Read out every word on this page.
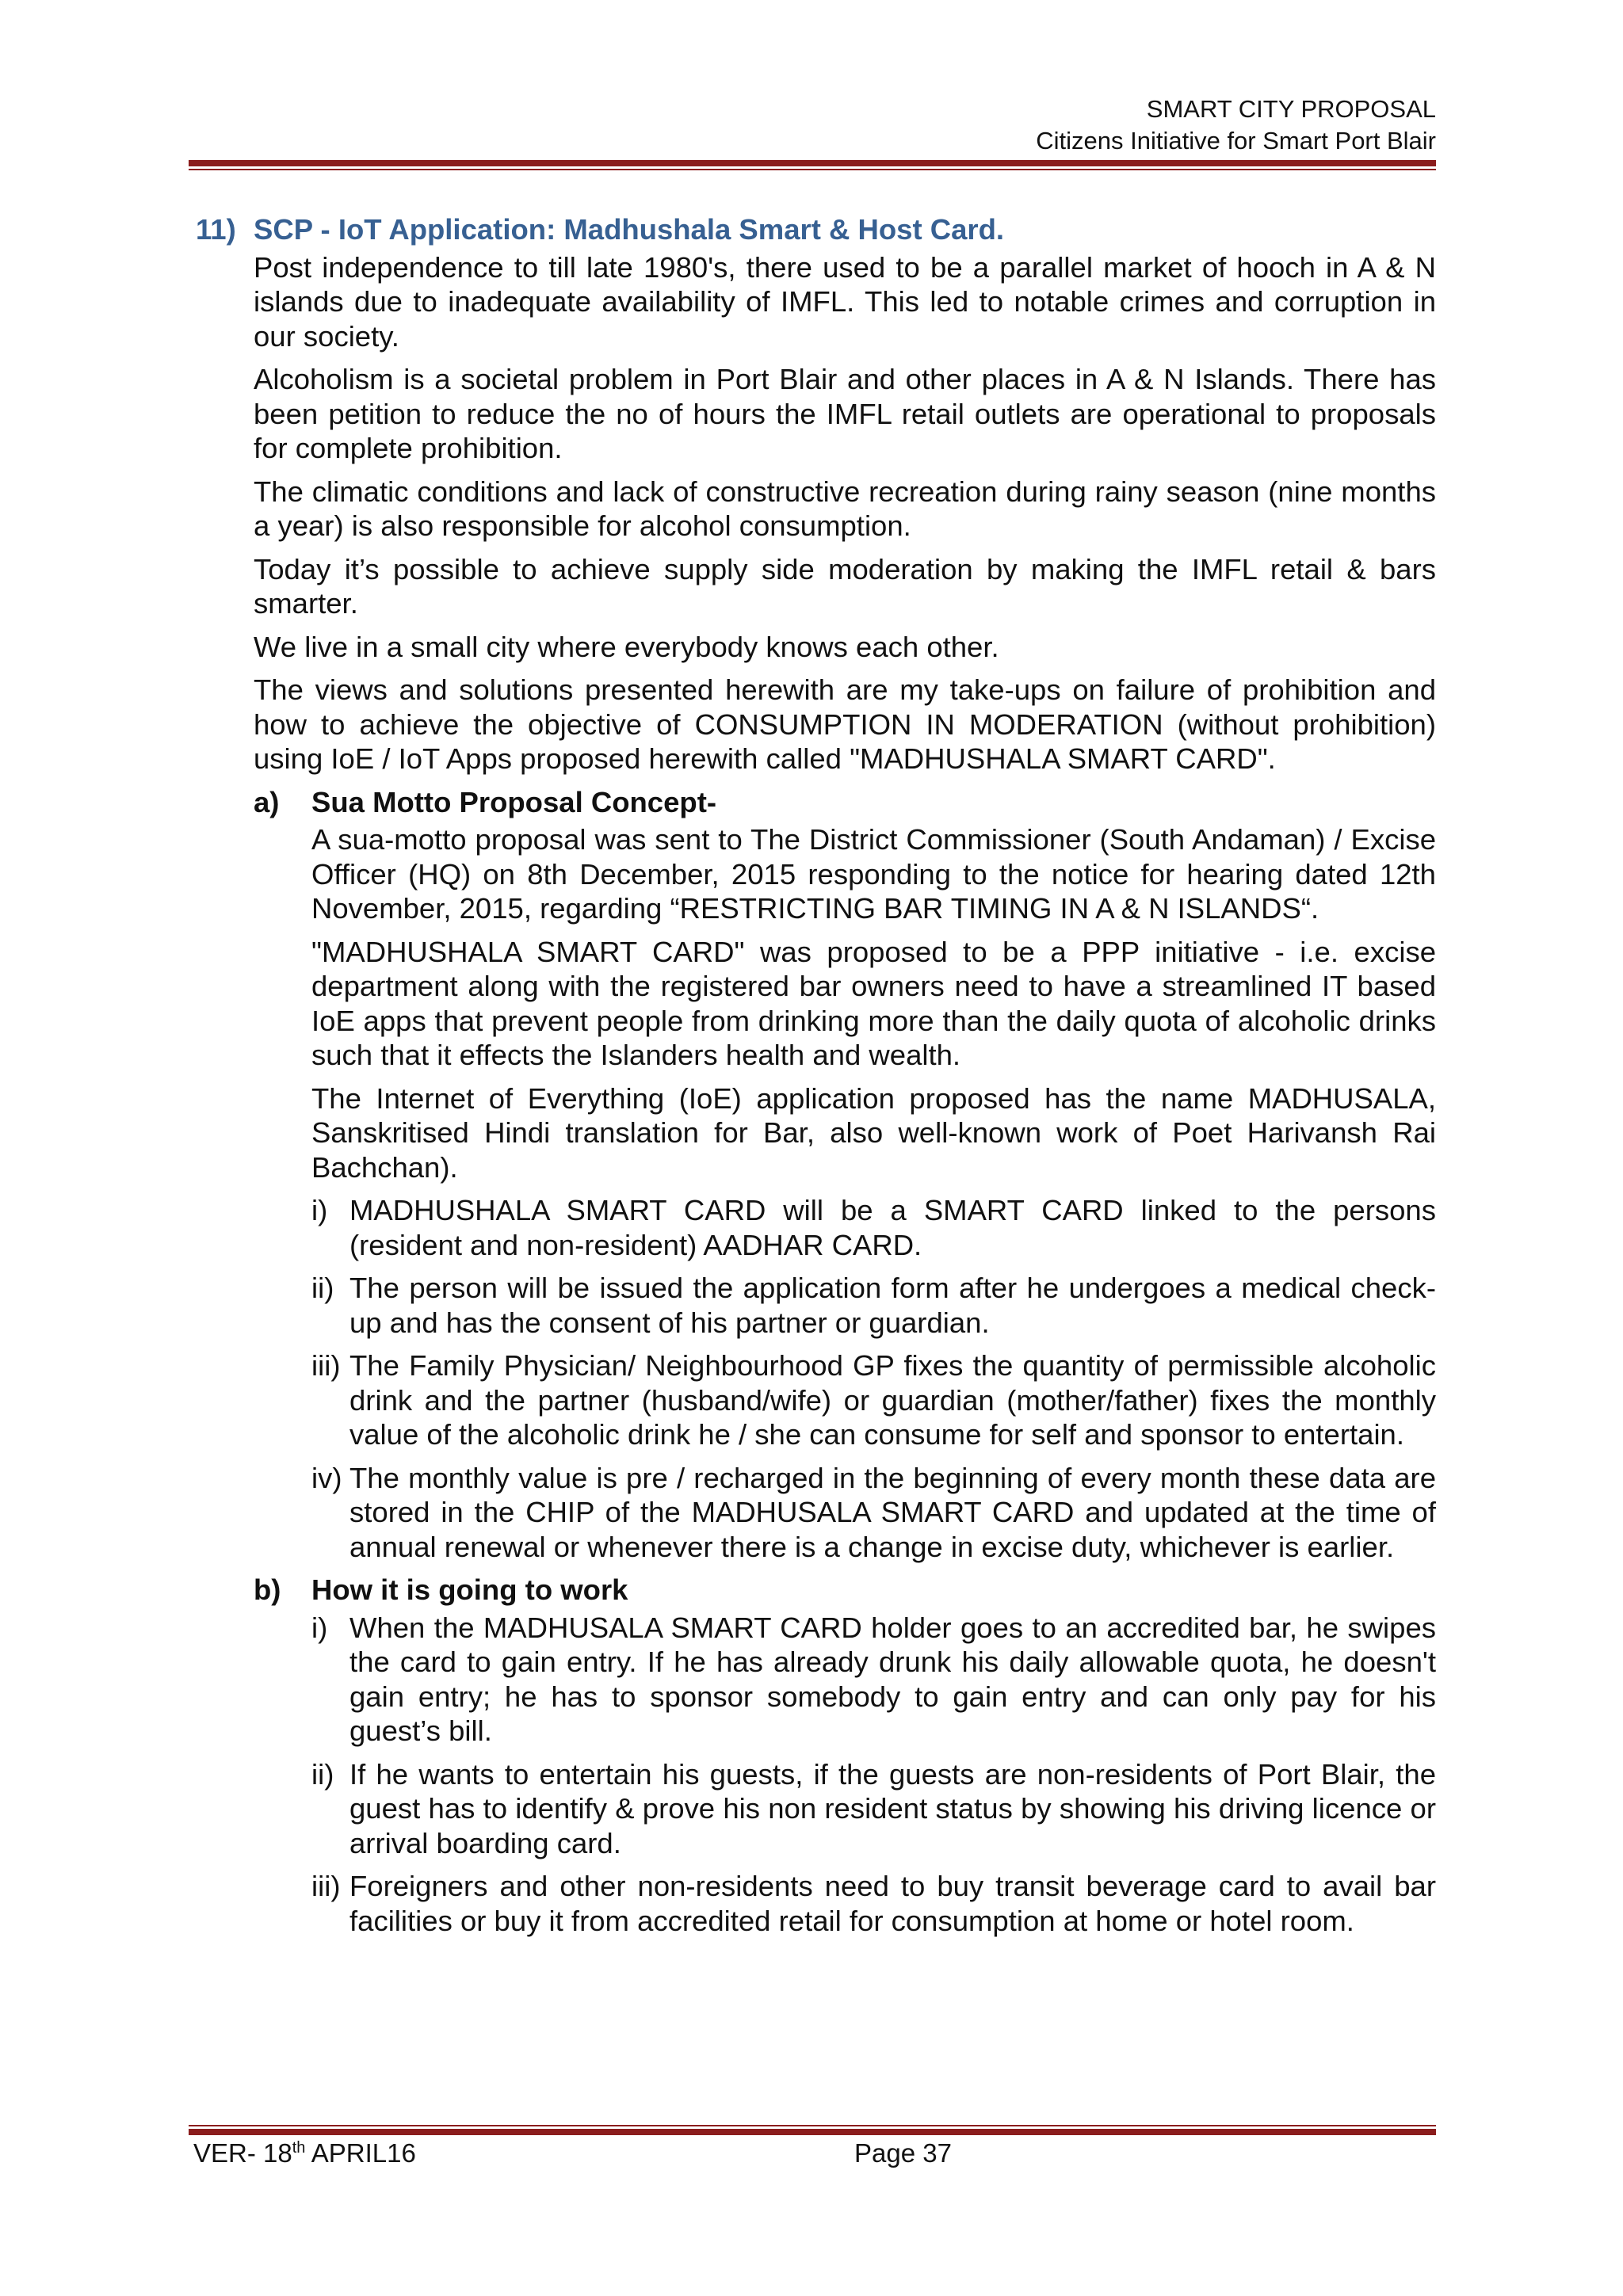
SMART CITY PROPOSAL
Citizens Initiative for Smart Port Blair
11) SCP - IoT Application: Madhushala Smart & Host Card.

Post independence to till late 1980's, there used to be a parallel market of hooch in A & N islands due to inadequate availability of IMFL. This led to notable crimes and corruption in our society.

Alcoholism is a societal problem in Port Blair and other places in A & N Islands. There has been petition to reduce the no of hours the IMFL retail outlets are operational to proposals for complete prohibition.

The climatic conditions and lack of constructive recreation during rainy season (nine months a year) is also responsible for alcohol consumption.

Today it’s possible to achieve supply side moderation by making the IMFL retail & bars smarter.

We live in a small city where everybody knows each other.

The views and solutions presented herewith are my take-ups on failure of prohibition and how to achieve the objective of CONSUMPTION IN MODERATION (without prohibition) using IoE / IoT Apps proposed herewith called "MADHUSHALA SMART CARD".

a)	Sua Motto Proposal Concept-

A sua-motto proposal was sent to The District Commissioner (South Andaman) / Excise Officer (HQ) on 8th December, 2015 responding to the notice for hearing dated 12th November, 2015, regarding “RESTRICTING BAR TIMING IN A & N ISLANDS“.

"MADHUSHALA SMART CARD" was proposed to be a PPP initiative - i.e. excise department along with the registered bar owners need to have a streamlined IT based IoE apps that prevent people from drinking more than the daily quota of alcoholic drinks such that it effects the Islanders health and wealth.

The Internet of Everything (IoE) application proposed has the name MADHUSALA, Sanskritised Hindi translation for Bar, also well-known work of Poet Harivansh Rai Bachchan).

i) MADHUSHALA SMART CARD will be a SMART CARD linked to the persons (resident and non-resident) AADHAR CARD.
ii) The person will be issued the application form after he undergoes a medical check-up and has the consent of his partner or guardian.
iii) The Family Physician/ Neighbourhood GP fixes the quantity of permissible alcoholic drink and the partner (husband/wife) or guardian (mother/father) fixes the monthly value of the alcoholic drink he / she can consume for self and sponsor to entertain.
iv) The monthly value is pre / recharged in the beginning of every month these data are stored in the CHIP of the MADHUSALA SMART CARD and updated at the time of annual renewal or whenever there is a change in excise duty, whichever is earlier.
b)	How it is going to work
i) When the MADHUSALA SMART CARD holder goes to an accredited bar, he swipes the card to gain entry. If he has already drunk his daily allowable quota, he doesn't gain entry; he has to sponsor somebody to gain entry and can only pay for his guest’s bill.
ii) If he wants to entertain his guests, if the guests are non-residents of Port Blair, the guest has to identify & prove his non resident status by showing his driving licence or arrival boarding card.
iii) Foreigners and other non-residents need to buy transit beverage card to avail bar facilities or buy it from accredited retail for consumption at home or hotel room.
VER- 18th APRIL16	Page 37
